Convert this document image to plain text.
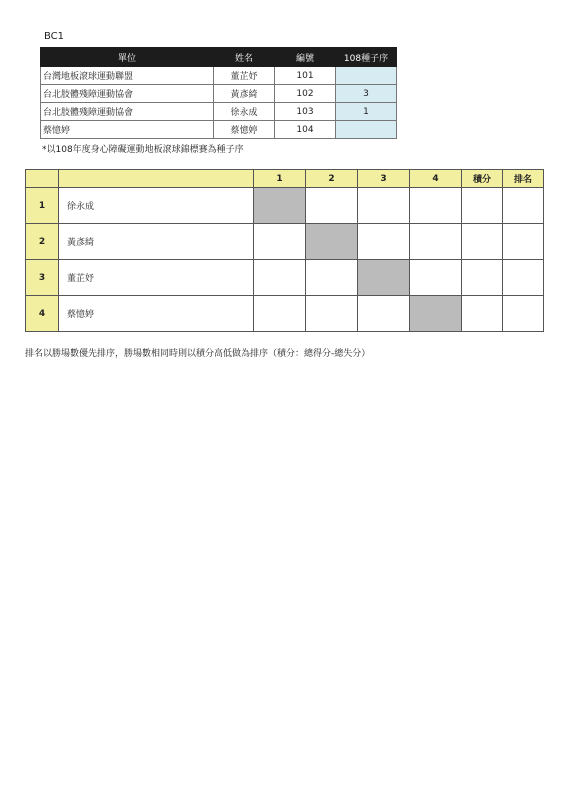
BC1
單位	姓名	編號	108種子序
台灣地板滾球運動聯盟	董芷妤	101	
台北肢體殘障運動協會	黃彥綺	102	3
台北肢體殘障運動協會	徐永成	103	1
蔡憶婷	蔡憶婷	104	
*以108年度身心障礙運動地板滾球錦標賽為種子序
		1	2	3	4	積分	排名
1	徐永成						
2	黃彥綺						
3	董芷妤						
4	蔡憶婷						
排名以勝場數優先排序，勝場數相同時則以積分高低做為排序（積分：總得分-總失分）
